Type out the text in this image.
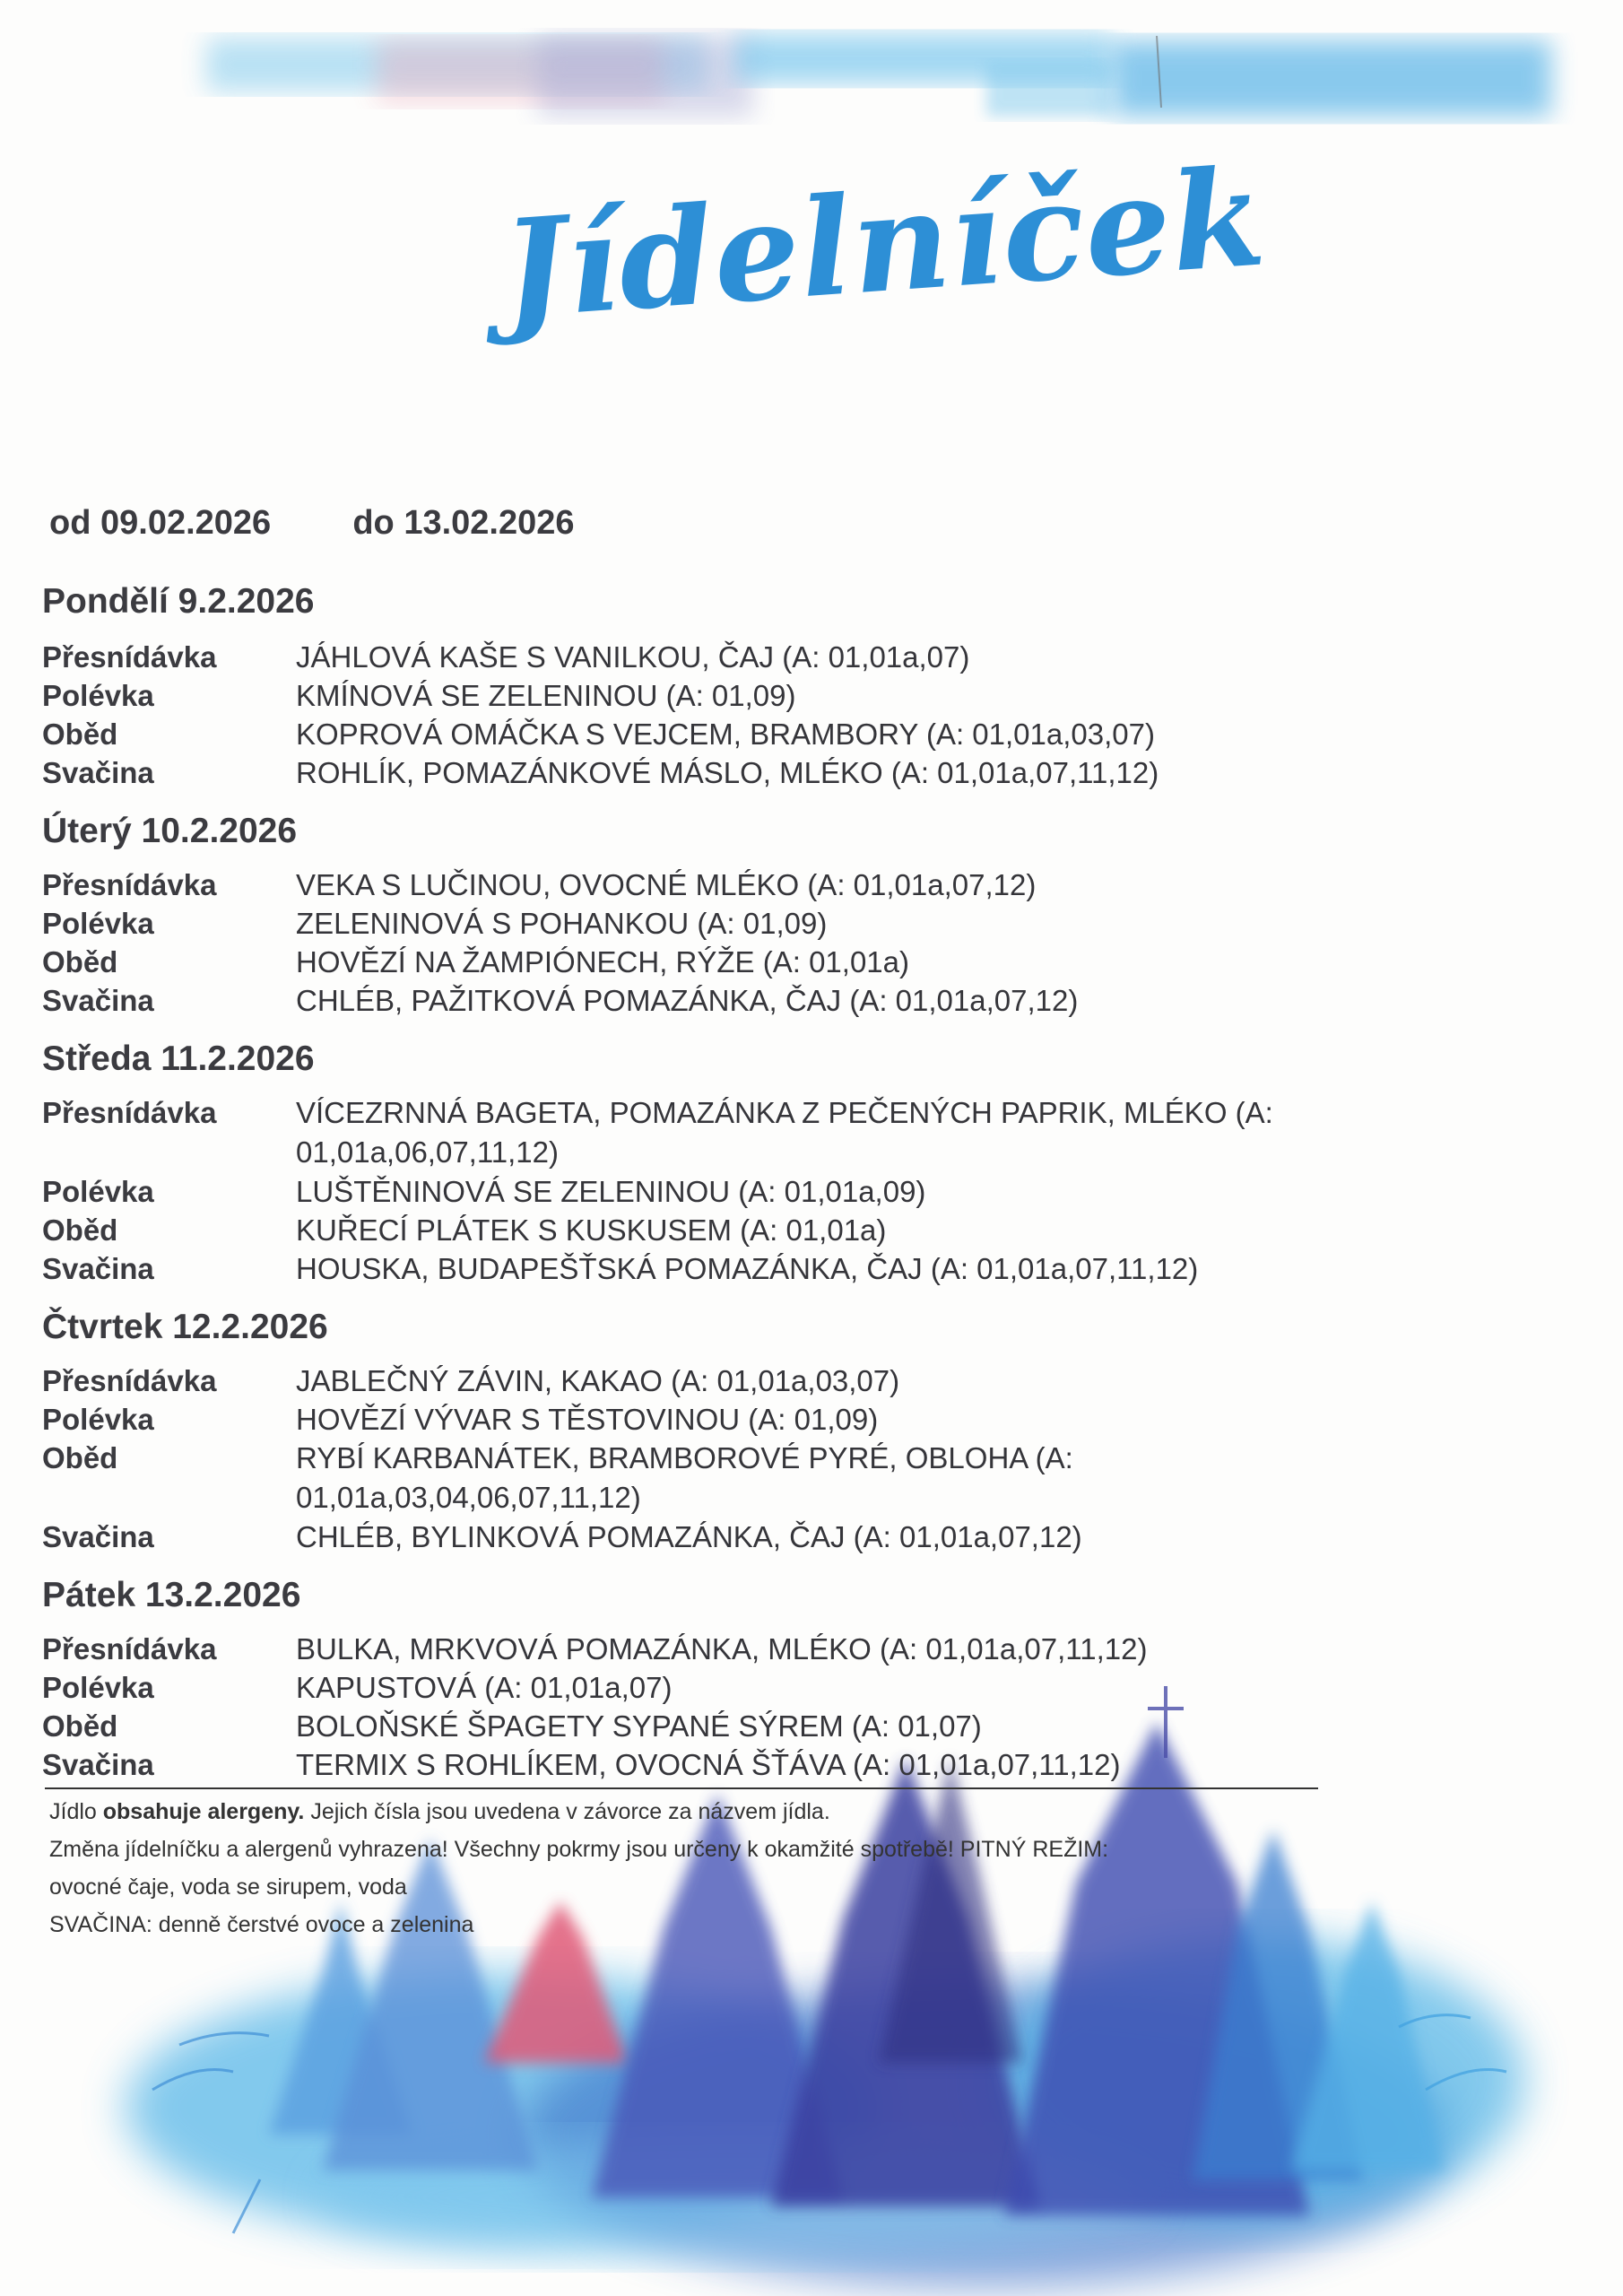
Jídelníček
od 09.02.2026 do 13.02.2026
Pondělí 9.2.2026
Přesnídávka	JÁHLOVÁ KAŠE S VANILKOU, ČAJ (A: 01,01a,07)
Polévka	KMÍNOVÁ SE ZELENINOU (A: 01,09)
Oběd	KOPROVÁ OMÁČKA S VEJCEM, BRAMBORY (A: 01,01a,03,07)
Svačina	ROHLÍK, POMAZÁNKOVÉ MÁSLO, MLÉKO (A: 01,01a,07,11,12)
Úterý 10.2.2026
Přesnídávka	VEKA S LUČINOU, OVOCNÉ MLÉKO (A: 01,01a,07,12)
Polévka	ZELENINOVÁ S POHANKOU (A: 01,09)
Oběd	HOVĚZÍ NA ŽAMPIÓNECH, RÝŽE (A: 01,01a)
Svačina	CHLÉB, PAŽITKOVÁ POMAZÁNKA, ČAJ (A: 01,01a,07,12)
Středa 11.2.2026
Přesnídávka	VÍCEZRNNÁ BAGETA, POMAZÁNKA Z PEČENÝCH PAPRIK, MLÉKO (A: 01,01a,06,07,11,12)
Polévka	LUŠTĚNINOVÁ SE ZELENINOU (A: 01,01a,09)
Oběd	KUŘECÍ PLÁTEK S KUSKUSEM (A: 01,01a)
Svačina	HOUSKA, BUDAPEŠŤSKÁ POMAZÁNKA, ČAJ (A: 01,01a,07,11,12)
Čtvrtek 12.2.2026
Přesnídávka	JABLEČNÝ ZÁVIN, KAKAO (A: 01,01a,03,07)
Polévka	HOVĚZÍ VÝVAR S TĚSTOVINOU (A: 01,09)
Oběd	RYBÍ KARBANÁTEK, BRAMBOROVÉ PYRÉ, OBLOHA (A: 01,01a,03,04,06,07,11,12)
Svačina	CHLÉB, BYLINKOVÁ POMAZÁNKA, ČAJ (A: 01,01a,07,12)
Pátek 13.2.2026
Přesnídávka	BULKA, MRKVOVÁ POMAZÁNKA, MLÉKO (A: 01,01a,07,11,12)
Polévka	KAPUSTOVÁ (A: 01,01a,07)
Oběd	BOLOŇSKÉ ŠPAGETY SYPANÉ SÝREM (A: 01,07)
Svačina	TERMIX S ROHLÍKEM, OVOCNÁ ŠŤÁVA (A: 01,01a,07,11,12)
Jídlo obsahuje alergeny. Jejich čísla jsou uvedena v závorce za názvem jídla.
Změna jídelníčku a alergenů vyhrazena! Všechny pokrmy jsou určeny k okamžité spotřebě! PITNÝ REŽIM:
ovocné čaje, voda se sirupem, voda
SVAČINA: denně čerstvé ovoce a zelenina
